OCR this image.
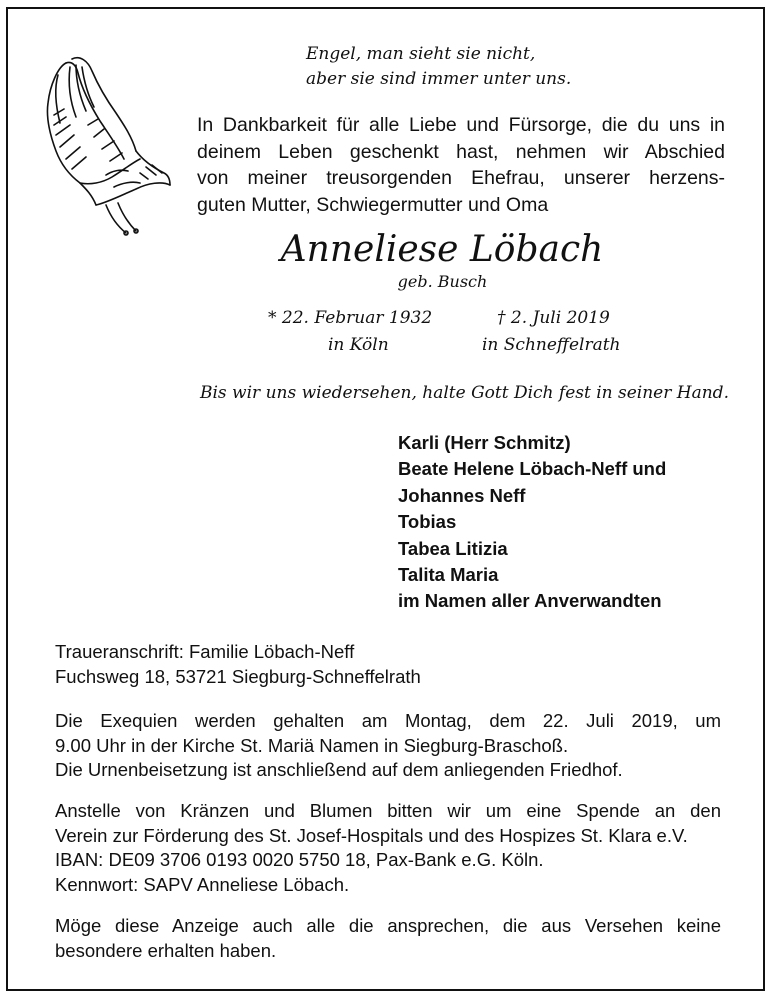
Engel, man sieht sie nicht,
aber sie sind immer unter uns.
In Dankbarkeit für alle Liebe und Fürsorge, die du uns in
deinem Leben geschenkt hast, nehmen wir Abschied
von meiner treusorgenden Ehefrau, unserer herzens-
guten Mutter, Schwiegermutter und Oma
Anneliese Löbach
geb. Busch
* 22. Februar 1932
in Köln
† 2. Juli 2019
in Schneffelrath
Bis wir uns wiedersehen, halte Gott Dich fest in seiner Hand.
Karli (Herr Schmitz)
Beate Helene Löbach-Neff und
Johannes Neff
Tobias
Tabea Litizia
Talita Maria
im Namen aller Anverwandten
Traueranschrift: Familie Löbach-Neff
Fuchsweg 18, 53721 Siegburg-Schneffelrath
Die Exequien werden gehalten am Montag, dem 22. Juli 2019, um
9.00 Uhr in der Kirche St. Mariä Namen in Siegburg-Braschoß.
Die Urnenbeisetzung ist anschließend auf dem anliegenden Friedhof.
Anstelle von Kränzen und Blumen bitten wir um eine Spende an den
Verein zur Förderung des St. Josef-Hospitals und des Hospizes St. Klara e.V.
IBAN: DE09 3706 0193 0020 5750 18, Pax-Bank e.G. Köln.
Kennwort: SAPV Anneliese Löbach.
Möge diese Anzeige auch alle die ansprechen, die aus Versehen keine
besondere erhalten haben.
